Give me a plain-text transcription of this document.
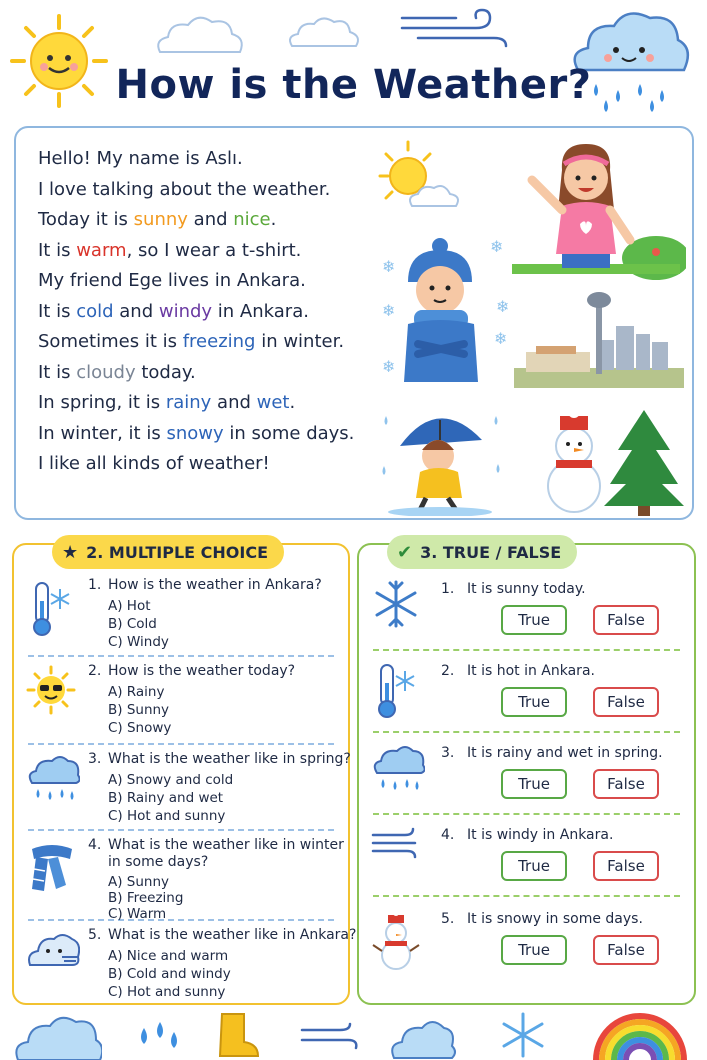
How is the Weather?
Hello! My name is Aslı.
I love talking about the weather.
Today it is sunny and nice.
It is warm, so I wear a t-shirt.
My friend Ege lives in Ankara.
It is cold and windy in Ankara.
Sometimes it is freezing in winter.
It is cloudy today.
In spring, it is rainy and wet.
In winter, it is snowy in some days.
I like all kinds of weather!
❄
❄
❄
❄
❄
❄
★ 2. MULTIPLE CHOICE
1. How is the weather in Ankara?
A) Hot
B) Cold
C) Windy
2. How is the weather today?
A) Rainy
B) Sunny
C) Snowy
3. What is the weather like in spring?
A) Snowy and cold
B) Rainy and wet
C) Hot and sunny
4. What is the weather like in winter
in some days?
A) Sunny
B) Freezing
C) Warm
5. What is the weather like in Ankara?
A) Nice and warm
B) Cold and windy
C) Hot and sunny
✔ 3. TRUE / FALSE
1. It is sunny today.
True	False
2. It is hot in Ankara.
True	False
3. It is rainy and wet in spring.
True	False
4. It is windy in Ankara.
True	False
5. It is snowy in some days.
True	False
